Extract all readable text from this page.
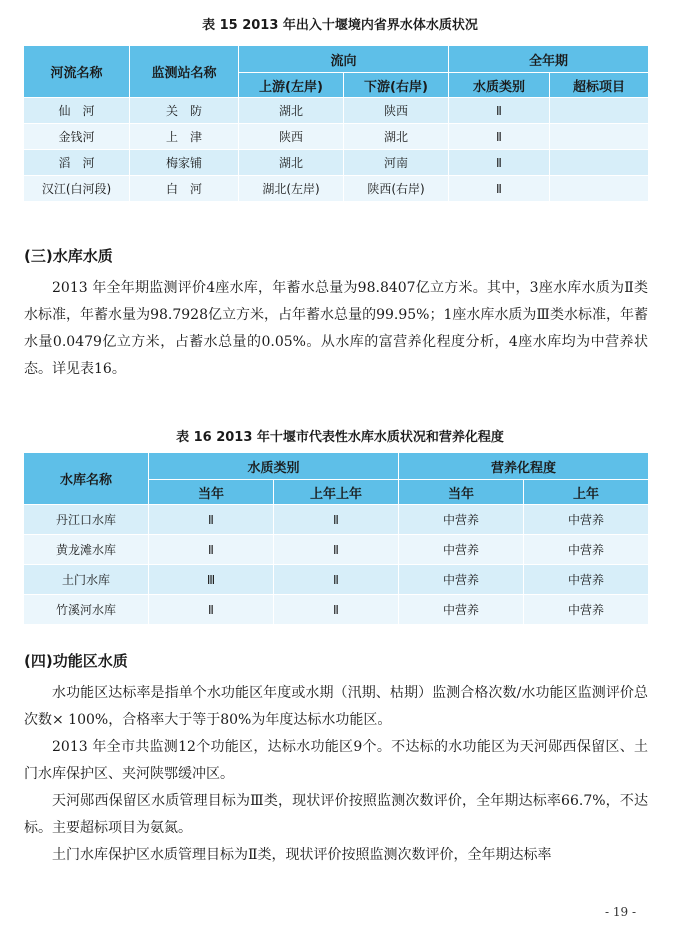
表 15 2013 年出入十堰境内省界水体水质状况
河流名称	监测站名称	流向		全年期	
		上游(左岸)	下游(右岸)	水质类别	超标项目
仙　河	关　防	湖北	陕西	Ⅱ	
金钱河	上　津	陕西	湖北	Ⅱ	
滔　河	梅家铺	湖北	河南	Ⅱ	
汉江(白河段)	白　河	湖北(左岸)	陕西(右岸)	Ⅱ	
(三)水库水质

2013 年全年期监测评价4座水库，年蓄水总量为98.8407亿立方米。其中，3座水库水质为Ⅱ类水标准，年蓄水量为98.7928亿立方米，占年蓄水总量的99.95%；1座水库水质为Ⅲ类水标准，年蓄水量0.0479亿立方米，占蓄水总量的0.05%。从水库的富营养化程度分析，4座水库均为中营养状态。详见表16。

表 16 2013 年十堰市代表性水库水质状况和营养化程度
水库名称	水质类别		营养化程度	
	当年	上年上年	当年	上年
丹江口水库	Ⅱ	Ⅱ	中营养	中营养
黄龙滩水库	Ⅱ	Ⅱ	中营养	中营养
土门水库	Ⅲ	Ⅱ	中营养	中营养
竹溪河水库	Ⅱ	Ⅱ	中营养	中营养
(四)功能区水质

水功能区达标率是指单个水功能区年度或水期（汛期、枯期）监测合格次数/水功能区监测评价总次数× 100%，合格率大于等于80%为年度达标水功能区。

2013 年全市共监测12个功能区，达标水功能区9个。不达标的水功能区为天河郧西保留区、土门水库保护区、夹河陕鄂缓冲区。

天河郧西保留区水质管理目标为Ⅲ类，现状评价按照监测次数评价，全年期达标率66.7%，不达标。主要超标项目为氨氮。

土门水库保护区水质管理目标为Ⅱ类，现状评价按照监测次数评价，全年期达标率

- 19 -
